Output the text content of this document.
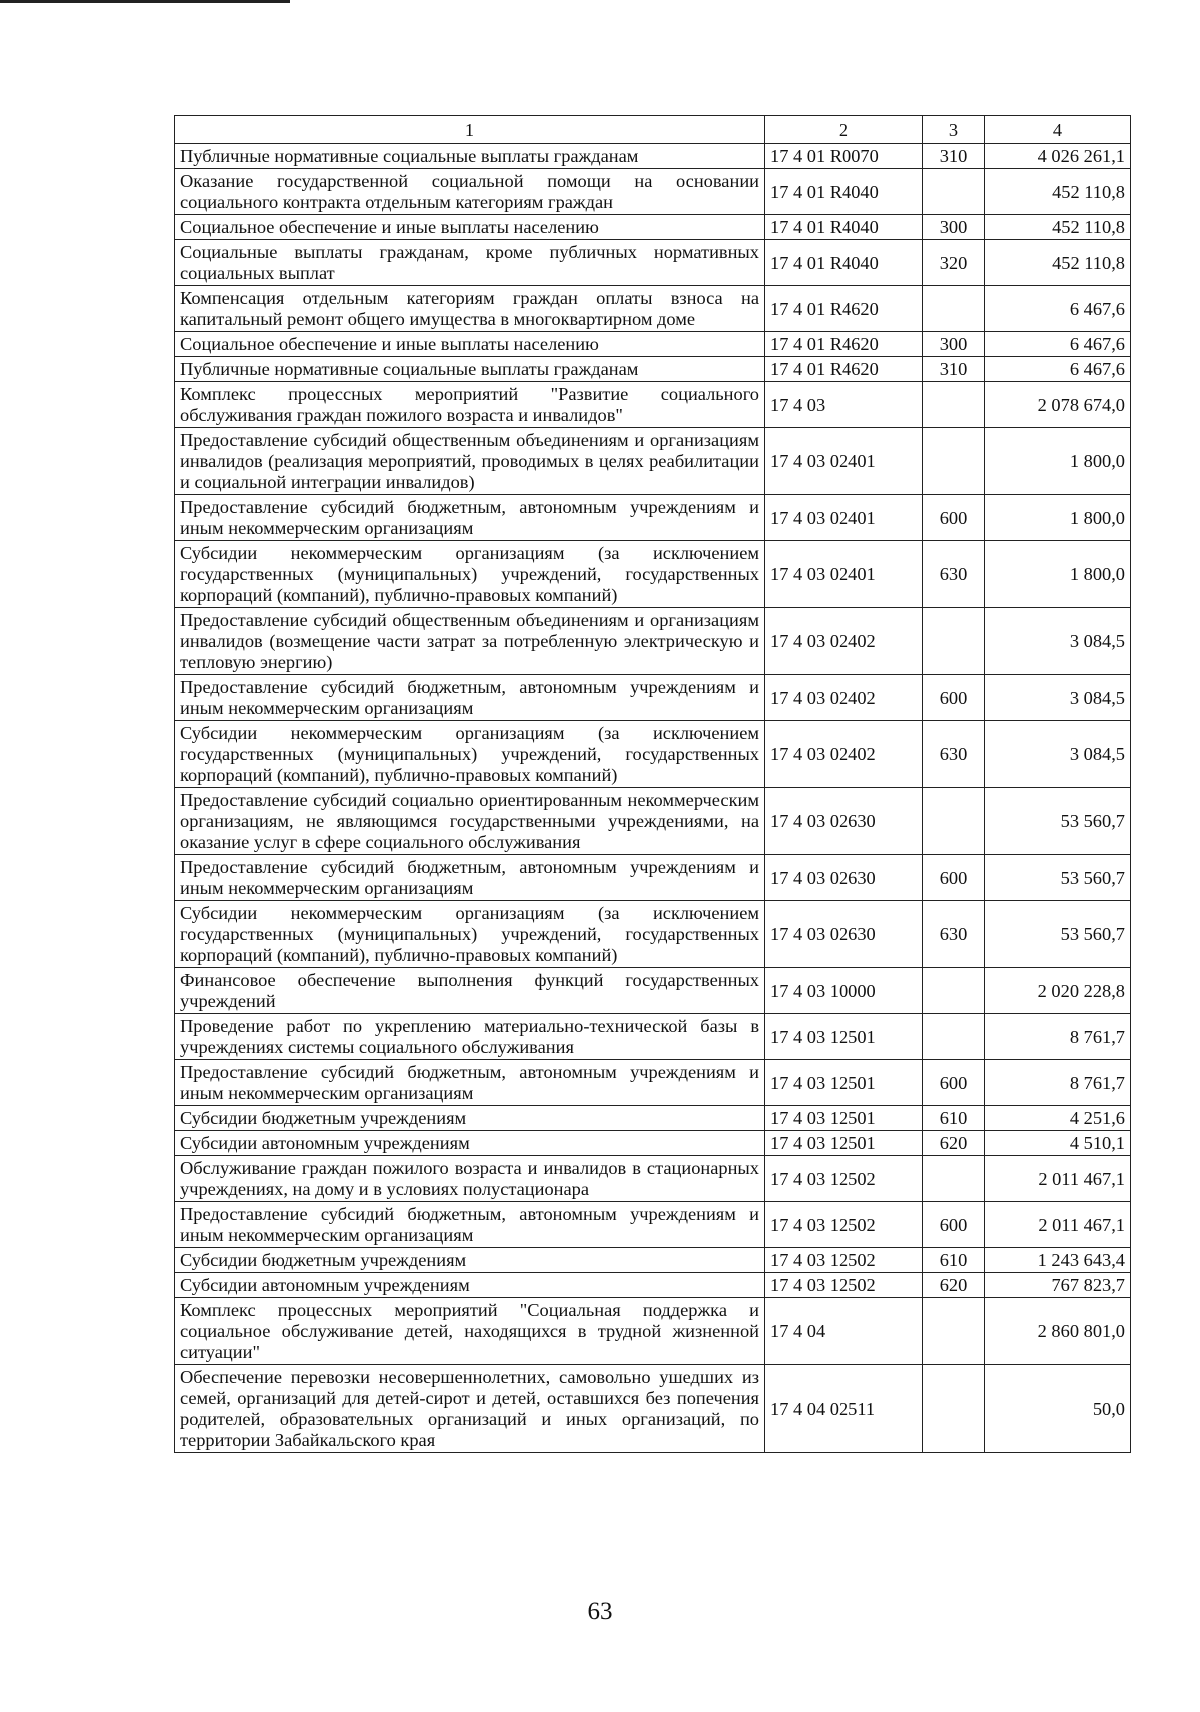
1	2	3	4
Публичные нормативные социальные выплаты гражданам	17 4 01 R0070	310	4 026 261,1
Оказание государственной социальной помощи на основании социального контракта отдельным категориям граждан	17 4 01 R4040		452 110,8
Социальное обеспечение и иные выплаты населению	17 4 01 R4040	300	452 110,8
Социальные выплаты гражданам, кроме публичных нормативных социальных выплат	17 4 01 R4040	320	452 110,8
Компенсация отдельным категориям граждан оплаты взноса на капитальный ремонт общего имущества в многоквартирном доме	17 4 01 R4620		6 467,6
Социальное обеспечение и иные выплаты населению	17 4 01 R4620	300	6 467,6
Публичные нормативные социальные выплаты гражданам	17 4 01 R4620	310	6 467,6
Комплекс процессных мероприятий "Развитие социального обслуживания граждан пожилого возраста и инвалидов"	17 4 03		2 078 674,0
Предоставление субсидий общественным объединениям и организациям инвалидов (реализация мероприятий, проводимых в целях реабилитации и социальной интеграции инвалидов)	17 4 03 02401		1 800,0
Предоставление субсидий бюджетным, автономным учреждениям и иным некоммерческим организациям	17 4 03 02401	600	1 800,0
Субсидии некоммерческим организациям (за исключением государственных (муниципальных) учреждений, государственных корпораций (компаний), публично-правовых компаний)	17 4 03 02401	630	1 800,0
Предоставление субсидий общественным объединениям и организациям инвалидов (возмещение части затрат за потребленную электрическую и тепловую энергию)	17 4 03 02402		3 084,5
Предоставление субсидий бюджетным, автономным учреждениям и иным некоммерческим организациям	17 4 03 02402	600	3 084,5
Субсидии некоммерческим организациям (за исключением государственных (муниципальных) учреждений, государственных корпораций (компаний), публично-правовых компаний)	17 4 03 02402	630	3 084,5
Предоставление субсидий социально ориентированным некоммерческим организациям, не являющимся государственными учреждениями, на оказание услуг в сфере социального обслуживания	17 4 03 02630		53 560,7
Предоставление субсидий бюджетным, автономным учреждениям и иным некоммерческим организациям	17 4 03 02630	600	53 560,7
Субсидии некоммерческим организациям (за исключением государственных (муниципальных) учреждений, государственных корпораций (компаний), публично-правовых компаний)	17 4 03 02630	630	53 560,7
Финансовое обеспечение выполнения функций государственных учреждений	17 4 03 10000		2 020 228,8
Проведение работ по укреплению материально-технической базы в учреждениях системы социального обслуживания	17 4 03 12501		8 761,7
Предоставление субсидий бюджетным, автономным учреждениям и иным некоммерческим организациям	17 4 03 12501	600	8 761,7
Субсидии бюджетным учреждениям	17 4 03 12501	610	4 251,6
Субсидии автономным учреждениям	17 4 03 12501	620	4 510,1
Обслуживание граждан пожилого возраста и инвалидов в стационарных учреждениях, на дому и в условиях полустационара	17 4 03 12502		2 011 467,1
Предоставление субсидий бюджетным, автономным учреждениям и иным некоммерческим организациям	17 4 03 12502	600	2 011 467,1
Субсидии бюджетным учреждениям	17 4 03 12502	610	1 243 643,4
Субсидии автономным учреждениям	17 4 03 12502	620	767 823,7
Комплекс процессных мероприятий "Социальная поддержка и социальное обслуживание детей, находящихся в трудной жизненной ситуации"	17 4 04		2 860 801,0
Обеспечение перевозки несовершеннолетних, самовольно ушедших из семей, организаций для детей-сирот и детей, оставшихся без попечения родителей, образовательных организаций и иных организаций, по территории Забайкальского края	17 4 04 02511		50,0
63
